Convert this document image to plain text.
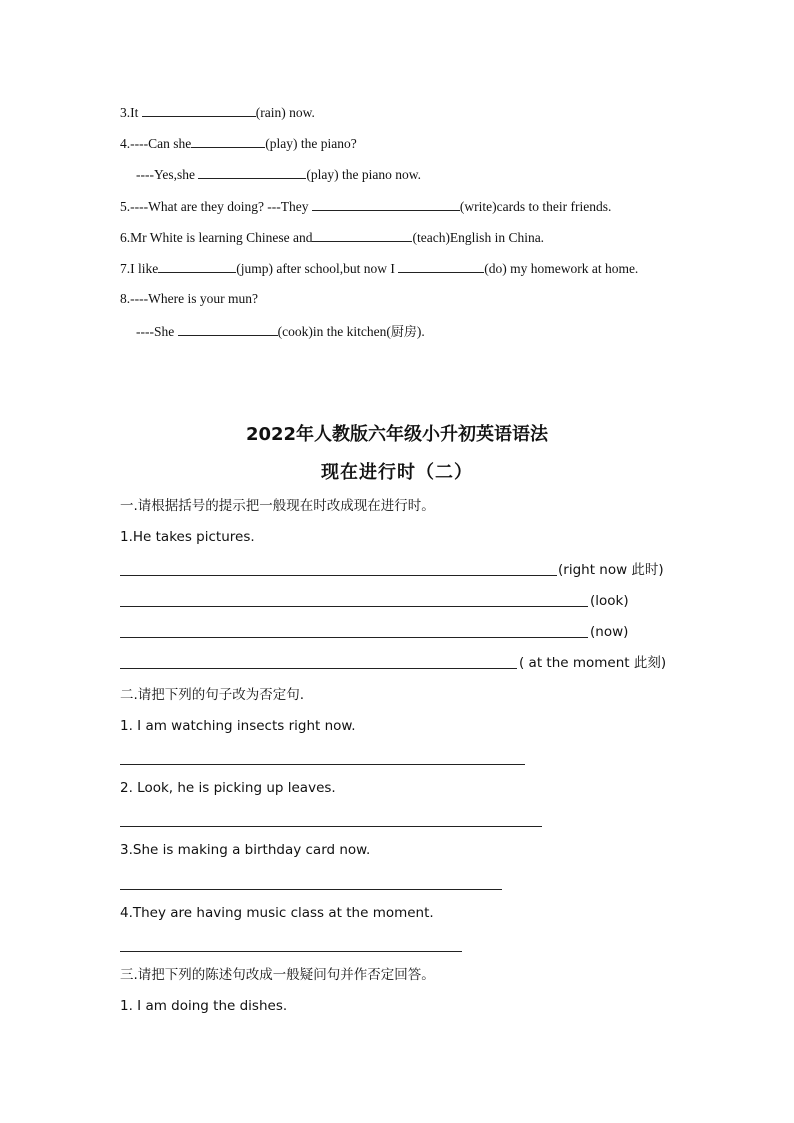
3.It	(rain) now.
4.----Can she	(play) the piano?
----Yes,she	(play) the piano now.
5.----What are they doing? ---They	(write)cards to their friends.
6.Mr White is learning Chinese and	(teach)English in China.
7.I like	(jump) after school,but now I	(do) my homework at home.
8.----Where is your mun?
----She	(cook)in the kitchen(厨房).
2022年人教版六年级小升初英语语法
现在进行时（二）
一.请根据括号的提示把一般现在时改成现在进行时。
1.He takes pictures.
(right now 此时)
(look)
(now)
( at the moment 此刻)
二.请把下列的句子改为否定句.
1. I am watching insects right now.
2. Look, he is picking up leaves.
3.She is making a birthday card now.
4.They are having music class at the moment.
三.请把下列的陈述句改成一般疑问句并作否定回答。
1. I am doing the dishes.
